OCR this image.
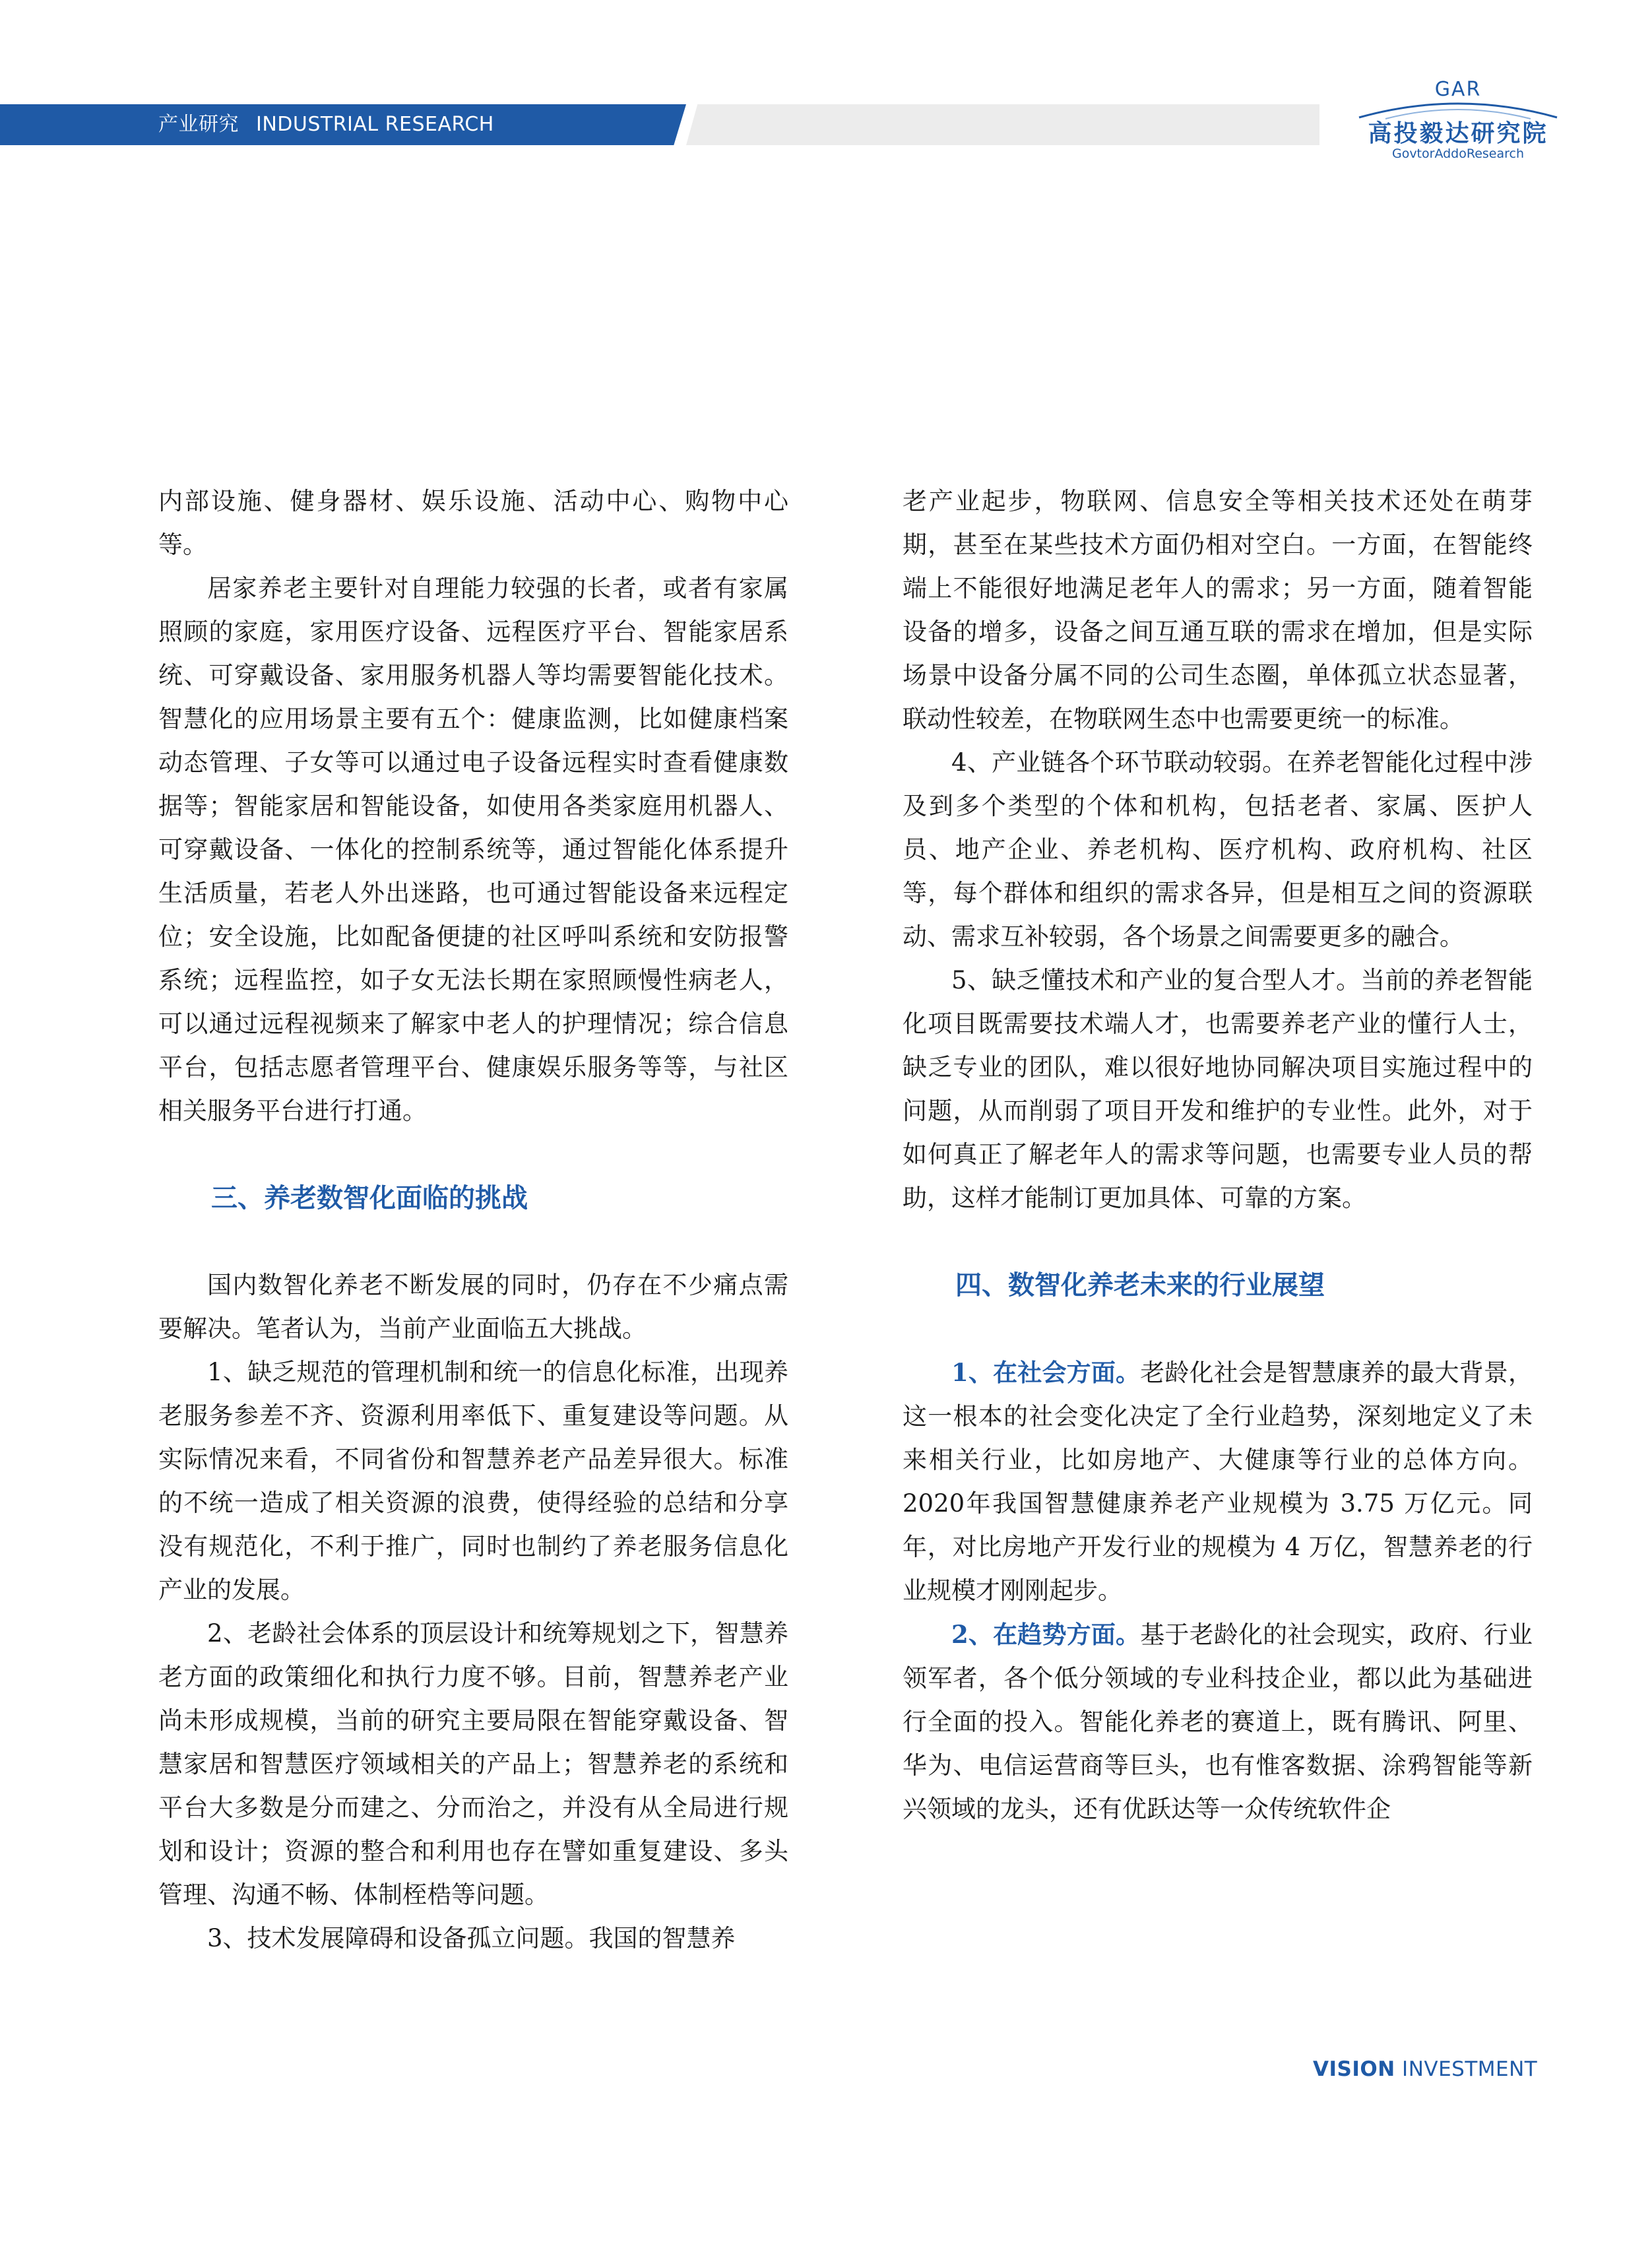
产业研究 INDUSTRIAL RESEARCH
GAR
高投毅达研究院
GovtorAddoResearch

内部设施、健身器材、娱乐设施、活动中心、购物中心等。

居家养老主要针对自理能力较强的长者，或者有家属照顾的家庭，家用医疗设备、远程医疗平台、智能家居系统、可穿戴设备、家用服务机器人等均需要智能化技术。智慧化的应用场景主要有五个：健康监测，比如健康档案动态管理、子女等可以通过电子设备远程实时查看健康数据等；智能家居和智能设备，如使用各类家庭用机器人、可穿戴设备、一体化的控制系统等，通过智能化体系提升生活质量，若老人外出迷路，也可通过智能设备来远程定位；安全设施，比如配备便捷的社区呼叫系统和安防报警系统；远程监控，如子女无法长期在家照顾慢性病老人，可以通过远程视频来了解家中老人的护理情况；综合信息平台，包括志愿者管理平台、健康娱乐服务等等，与社区相关服务平台进行打通。

三、养老数智化面临的挑战

国内数智化养老不断发展的同时，仍存在不少痛点需要解决。笔者认为，当前产业面临五大挑战。

1、缺乏规范的管理机制和统一的信息化标准，出现养老服务参差不齐、资源利用率低下、重复建设等问题。从实际情况来看，不同省份和智慧养老产品差异很大。标准的不统一造成了相关资源的浪费，使得经验的总结和分享没有规范化，不利于推广，同时也制约了养老服务信息化产业的发展。

2、老龄社会体系的顶层设计和统筹规划之下，智慧养老方面的政策细化和执行力度不够。目前，智慧养老产业尚未形成规模，当前的研究主要局限在智能穿戴设备、智慧家居和智慧医疗领域相关的产品上；智慧养老的系统和平台大多数是分而建之、分而治之，并没有从全局进行规划和设计；资源的整合和利用也存在譬如重复建设、多头管理、沟通不畅、体制桎梏等问题。

3、技术发展障碍和设备孤立问题。我国的智慧养

老产业起步，物联网、信息安全等相关技术还处在萌芽期，甚至在某些技术方面仍相对空白。一方面，在智能终端上不能很好地满足老年人的需求；另一方面，随着智能设备的增多，设备之间互通互联的需求在增加，但是实际场景中设备分属不同的公司生态圈，单体孤立状态显著，联动性较差，在物联网生态中也需要更统一的标准。

4、产业链各个环节联动较弱。在养老智能化过程中涉及到多个类型的个体和机构，包括老者、家属、医护人员、地产企业、养老机构、医疗机构、政府机构、社区等，每个群体和组织的需求各异，但是相互之间的资源联动、需求互补较弱，各个场景之间需要更多的融合。

5、缺乏懂技术和产业的复合型人才。当前的养老智能化项目既需要技术端人才，也需要养老产业的懂行人士，缺乏专业的团队，难以很好地协同解决项目实施过程中的问题，从而削弱了项目开发和维护的专业性。此外，对于如何真正了解老年人的需求等问题，也需要专业人员的帮助，这样才能制订更加具体、可靠的方案。

四、数智化养老未来的行业展望

1、在社会方面。老龄化社会是智慧康养的最大背景，这一根本的社会变化决定了全行业趋势，深刻地定义了未来相关行业，比如房地产、大健康等行业的总体方向。2020年我国智慧健康养老产业规模为 3.75 万亿元。同年，对比房地产开发行业的规模为 4 万亿，智慧养老的行业规模才刚刚起步。

2、在趋势方面。基于老龄化的社会现实，政府、行业领军者，各个低分领域的专业科技企业，都以此为基础进行全面的投入。智能化养老的赛道上，既有腾讯、阿里、华为、电信运营商等巨头，也有惟客数据、涂鸦智能等新兴领域的龙头，还有优跃达等一众传统软件企

VISION INVESTMENT
